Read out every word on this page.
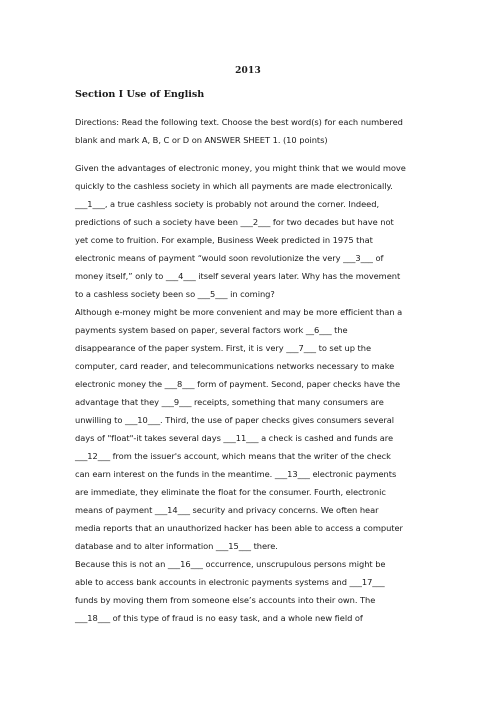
2013
Section I Use of English
Directions: Read the following text. Choose the best word(s) for each numbered
blank and mark A, B, C or D on ANSWER SHEET 1. (10 points)

Given the advantages of electronic money, you might think that we would move
quickly to the cashless society in which all payments are made electronically.
___1___, a true cashless society is probably not around the corner. Indeed,
predictions of such a society have been ___2___ for two decades but have not
yet come to fruition. For example, Business Week predicted in 1975 that
electronic means of payment “would soon revolutionize the very ___3___ of
money itself,” only to ___4___ itself several years later. Why has the movement
to a cashless society been so ___5___ in coming?

Although e-money might be more convenient and may be more efficient than a
payments system based on paper, several factors work __6___ the
disappearance of the paper system. First, it is very ___7___ to set up the
computer, card reader, and telecommunications networks necessary to make
electronic money the ___8___ form of payment. Second, paper checks have the
advantage that they ___9___ receipts, something that many consumers are
unwilling to ___10___. Third, the use of paper checks gives consumers several
days of "float"-it takes several days ___11___ a check is cashed and funds are
___12___ from the issuer's account, which means that the writer of the check
can earn interest on the funds in the meantime. ___13___ electronic payments
are immediate, they eliminate the float for the consumer. Fourth, electronic
means of payment ___14___ security and privacy concerns. We often hear
media reports that an unauthorized hacker has been able to access a computer
database and to alter information ___15___ there.

Because this is not an ___16___ occurrence, unscrupulous persons might be
able to access bank accounts in electronic payments systems and ___17___
funds by moving them from someone else’s accounts into their own. The
___18___ of this type of fraud is no easy task, and a whole new field of
